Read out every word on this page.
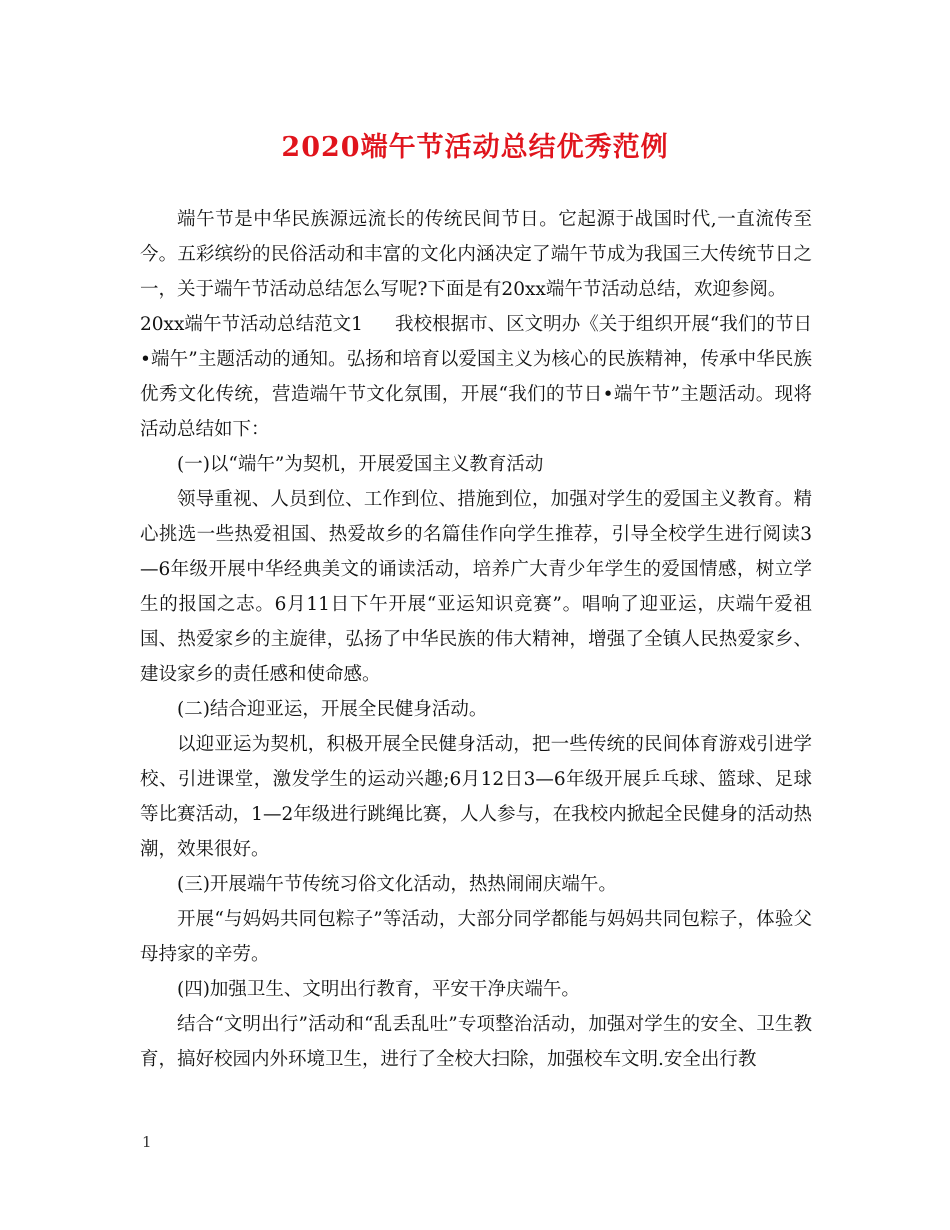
2020端午节活动总结优秀范例

端午节是中华民族源远流长的传统民间节日。它起源于战国时代,一直流传至今。五彩缤纷的民俗活动和丰富的文化内涵决定了端午节成为我国三大传统节日之一，关于端午节活动总结怎么写呢?下面是有20xx端午节活动总结，欢迎参阅。

20xx端午节活动总结范文1 我校根据市、区文明办《关于组织开展“我们的节日•端午”主题活动的通知。弘扬和培育以爱国主义为核心的民族精神，传承中华民族优秀文化传统，营造端午节文化氛围，开展“我们的节日•端午节”主题活动。现将活动总结如下：

(一)以“端午”为契机，开展爱国主义教育活动

领导重视、人员到位、工作到位、措施到位，加强对学生的爱国主义教育。精心挑选一些热爱祖国、热爱故乡的名篇佳作向学生推荐，引导全校学生进行阅读3—6年级开展中华经典美文的诵读活动，培养广大青少年学生的爱国情感，树立学生的报国之志。6月11日下午开展“亚运知识竞赛”。唱响了迎亚运，庆端午爱祖国、热爱家乡的主旋律，弘扬了中华民族的伟大精神，增强了全镇人民热爱家乡、建设家乡的责任感和使命感。

(二)结合迎亚运，开展全民健身活动。

以迎亚运为契机，积极开展全民健身活动，把一些传统的民间体育游戏引进学校、引进课堂，激发学生的运动兴趣;6月12日3—6年级开展乒乓球、篮球、足球等比赛活动，1—2年级进行跳绳比赛，人人参与，在我校内掀起全民健身的活动热潮，效果很好。

(三)开展端午节传统习俗文化活动，热热闹闹庆端午。

开展“与妈妈共同包粽子”等活动，大部分同学都能与妈妈共同包粽子，体验父母持家的辛劳。

(四)加强卫生、文明出行教育，平安干净庆端午。

结合“文明出行”活动和“乱丢乱吐”专项整治活动，加强对学生的安全、卫生教育，搞好校园内外环境卫生，进行了全校大扫除，加强校车文明.安全出行教

1
